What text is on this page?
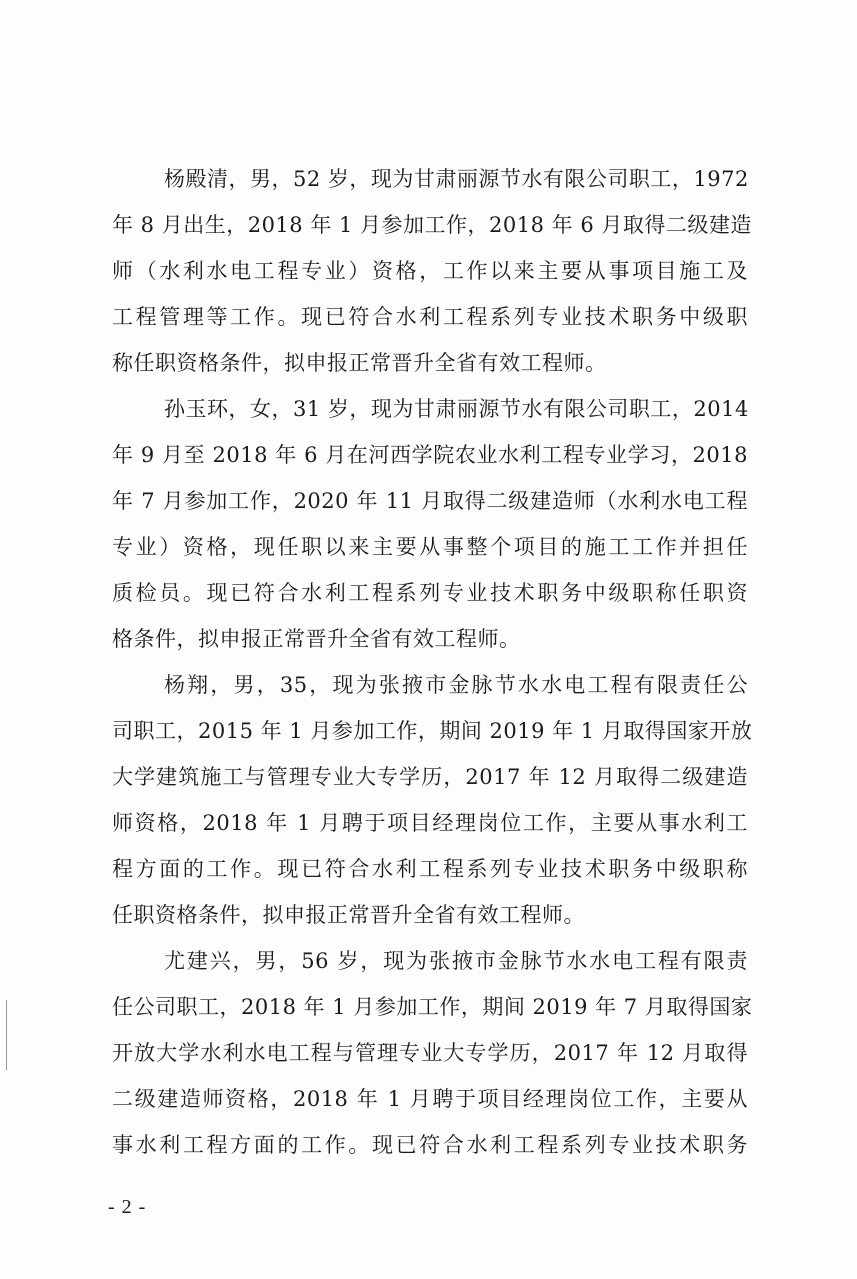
杨殿清，男，52 岁，现为甘肃丽源节水有限公司职工，1972
年 8 月出生，2018 年 1 月参加工作，2018 年 6 月取得二级建造
师（水利水电工程专业）资格，工作以来主要从事项目施工及
工程管理等工作。现已符合水利工程系列专业技术职务中级职
称任职资格条件，拟申报正常晋升全省有效工程师。
孙玉环，女，31 岁，现为甘肃丽源节水有限公司职工，2014
年 9 月至 2018 年 6 月在河西学院农业水利工程专业学习，2018
年 7 月参加工作，2020 年 11 月取得二级建造师（水利水电工程
专业）资格，现任职以来主要从事整个项目的施工工作并担任
质检员。现已符合水利工程系列专业技术职务中级职称任职资
格条件，拟申报正常晋升全省有效工程师。
杨翔，男，35，现为张掖市金脉节水水电工程有限责任公
司职工，2015 年 1 月参加工作，期间 2019 年 1 月取得国家开放
大学建筑施工与管理专业大专学历，2017 年 12 月取得二级建造
师资格，2018 年 1 月聘于项目经理岗位工作，主要从事水利工
程方面的工作。现已符合水利工程系列专业技术职务中级职称
任职资格条件，拟申报正常晋升全省有效工程师。
尤建兴，男，56 岁，现为张掖市金脉节水水电工程有限责
任公司职工，2018 年 1 月参加工作，期间 2019 年 7 月取得国家
开放大学水利水电工程与管理专业大专学历，2017 年 12 月取得
二级建造师资格，2018 年 1 月聘于项目经理岗位工作，主要从
事水利工程方面的工作。现已符合水利工程系列专业技术职务
- 2 -
